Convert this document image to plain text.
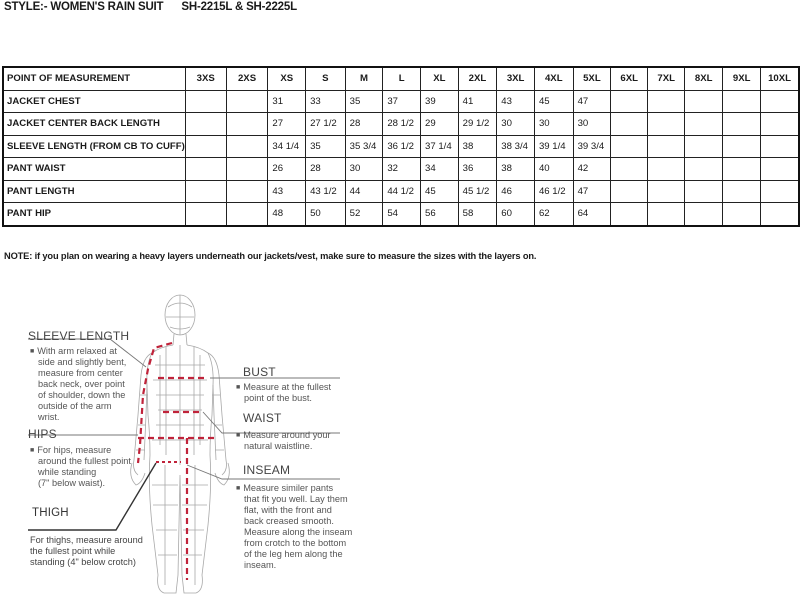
STYLE:- WOMEN'S RAIN SUIT SH-2215L & SH-2225L
POINT OF MEASUREMENT	3XS	2XS	XS	S	M	L	XL	2XL	3XL	4XL	5XL	6XL	7XL	8XL	9XL	10XL
JACKET CHEST			31	33	35	37	39	41	43	45	47					
JACKET CENTER BACK LENGTH			27	27 1/2	28	28 1/2	29	29 1/2	30	30	30					
SLEEVE LENGTH (FROM CB TO CUFF)			34 1/4	35	35 3/4	36 1/2	37 1/4	38	38 3/4	39 1/4	39 3/4					
PANT WAIST			26	28	30	32	34	36	38	40	42					
PANT LENGTH			43	43 1/2	44	44 1/2	45	45 1/2	46	46 1/2	47					
PANT HIP			48	50	52	54	56	58	60	62	64					
NOTE: if you plan on wearing a heavy layers underneath our jackets/vest, make sure to measure the sizes with the layers on.
SLEEVE LENGTH
■ With arm relaxed at
side and slightly bent,
measure from center
back neck, over point
of shoulder, down the
outside of the arm
wrist.
HIPS
■ For hips, measure
around the fullest point
while standing
(7" below waist).
THIGH
For thighs, measure around
the fullest point while
standing (4" below crotch)
BUST
■ Measure at the fullest
point of the bust.
WAIST
■ Measure around your
natural waistline.
INSEAM
■ Measure similer pants
that fit you well. Lay them
flat, with the front and
back creased smooth.
Measure along the inseam
from crotch to the bottom
of the leg hem along the
inseam.
